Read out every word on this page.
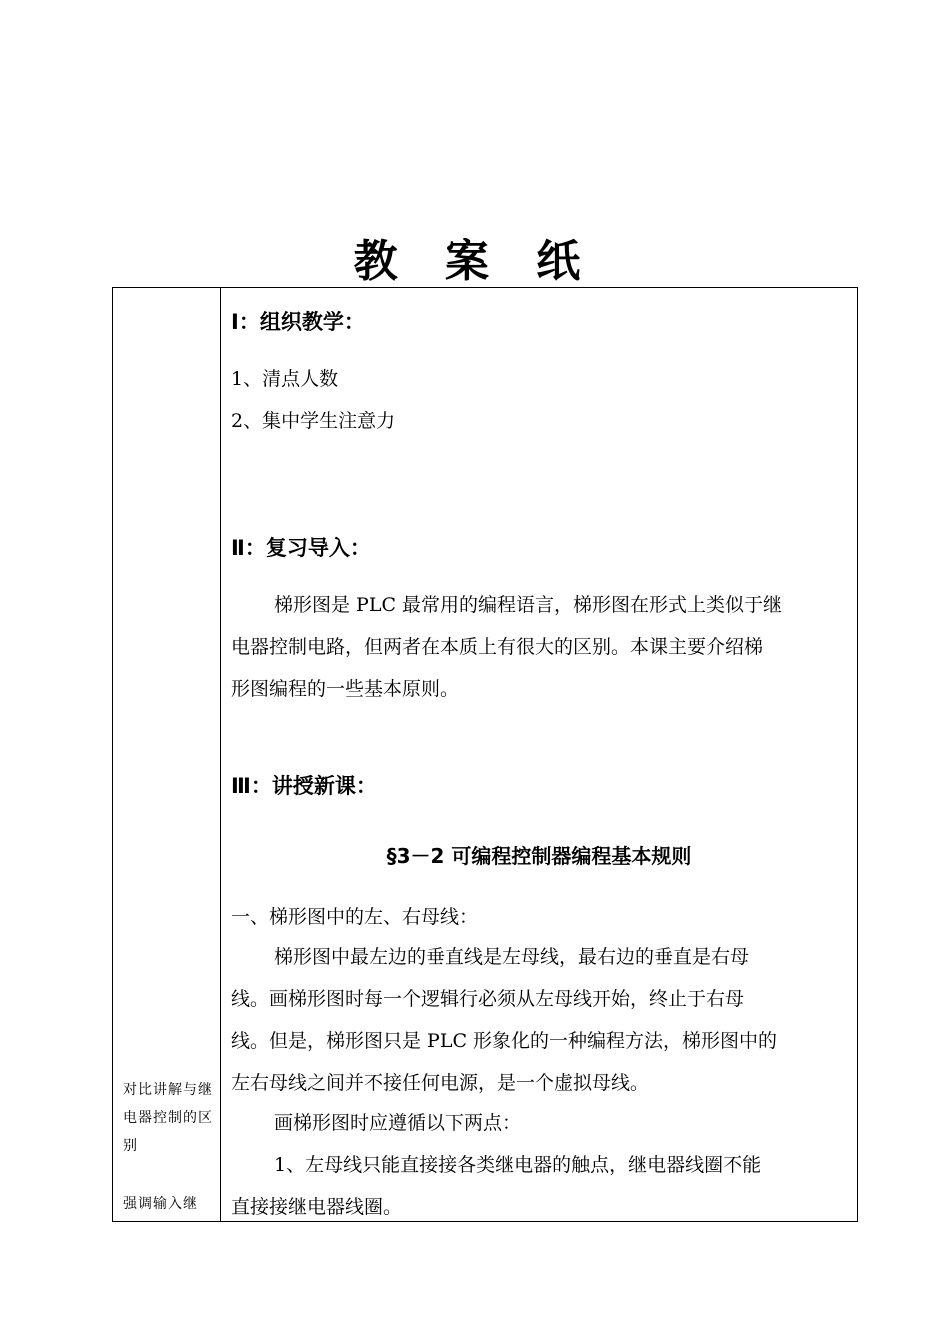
教 案 纸
对比讲解与继电器控制的区别
强调输入继
Ⅰ：组织教学：
1、清点人数
2、集中学生注意力
Ⅱ：复习导入：
梯形图是 PLC 最常用的编程语言，梯形图在形式上类似于继
电器控制电路，但两者在本质上有很大的区别。本课主要介绍梯
形图编程的一些基本原则。
Ⅲ：讲授新课：
§3－2 可编程控制器编程基本规则
一、梯形图中的左、右母线：
梯形图中最左边的垂直线是左母线，最右边的垂直是右母
线。画梯形图时每一个逻辑行必须从左母线开始，终止于右母
线。但是，梯形图只是 PLC 形象化的一种编程方法，梯形图中的
左右母线之间并不接任何电源，是一个虚拟母线。
画梯形图时应遵循以下两点：
1、左母线只能直接接各类继电器的触点，继电器线圈不能
直接接继电器线圈。
